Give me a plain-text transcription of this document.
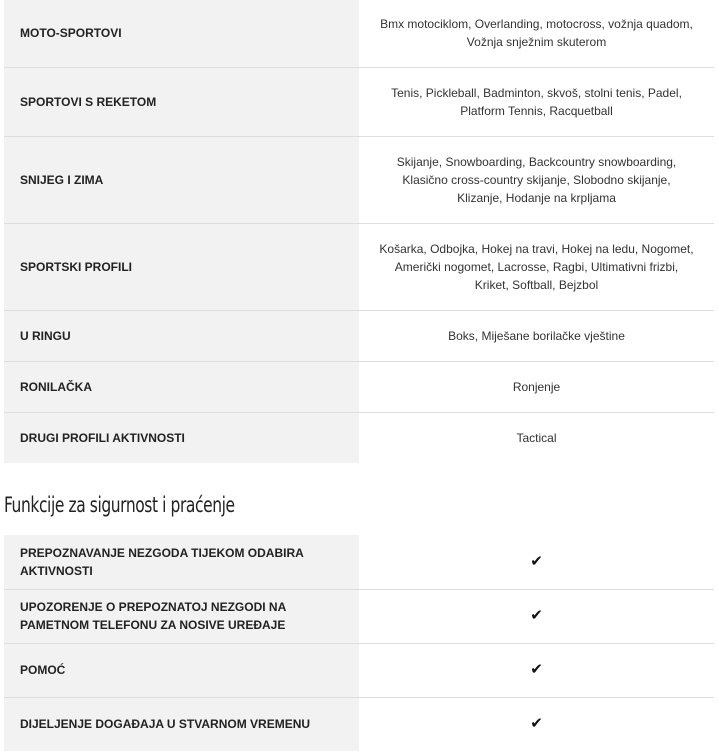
MOTO-SPORTOVI	Bmx motociklom, Overlanding, motocross, vožnja quadom, Vožnja snježnim skuterom
SPORTOVI S REKETOM	Tenis, Pickleball, Badminton, skvoš, stolni tenis, Padel, Platform Tennis, Racquetball
SNIJEG I ZIMA	Skijanje, Snowboarding, Backcountry snowboarding, Klasično cross-country skijanje, Slobodno skijanje, Klizanje, Hodanje na krpljama
SPORTSKI PROFILI	Košarka, Odbojka, Hokej na travi, Hokej na ledu, Nogomet, Američki nogomet, Lacrosse, Ragbi, Ultimativni frizbi, Kriket, Softball, Bejzbol
U RINGU	Boks, Miješane borilačke vještine
RONILAČKA	Ronjenje
DRUGI PROFILI AKTIVNOSTI	Tactical
Funkcije za sigurnost i praćenje
PREPOZNAVANJE NEZGODA TIJEKOM ODABIRA AKTIVNOSTI	✔
UPOZORENJE O PREPOZNATOJ NEZGODI NA PAMETNOM TELEFONU ZA NOSIVE UREĐAJE	✔
POMOĆ	✔
DIJELJENJE DOGAĐAJA U STVARNOM VREMENU	✔
